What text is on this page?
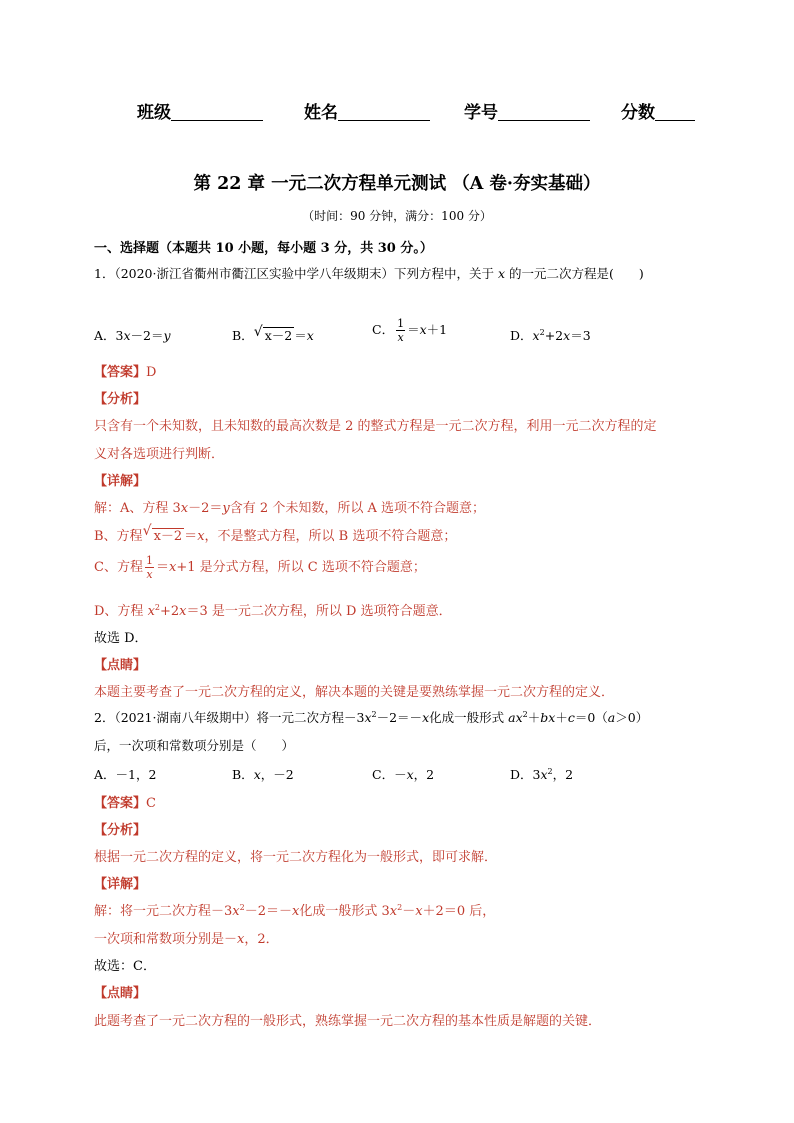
班级	姓名	学号	分数
第 22 章 一元二次方程单元测试 （A 卷·夯实基础）
（时间：90 分钟，满分：100 分）
一、选择题（本题共 10 小题，每小题 3 分，共 30 分。）
1．（2020·浙江省衢州市衢江区实验中学八年级期末）下列方程中，关于 x 的一元二次方程是(　　)
A．3x－2＝y	B． √ x－2 ＝x	C． $\frac{1}{x} =x+1$	D．$x^2+2x=3$
【答案】D
【分析】
只含有一个未知数，且未知数的最高次数是 2 的整式方程是一元二次方程，利用一元二次方程的定
义对各选项进行判断．
【详解】
解：A、方程 3x－2＝y含有 2 个未知数，所以 A 选项不符合题意；
B、方程 √ x－2 ＝x，不是整式方程，所以 B 选项不符合题意；
C、方程 $\frac{1}{x} =x+1$ 是分式方程，所以 C 选项不符合题意；
D、方程 $x^2+2x=3$ 是一元二次方程，所以 D 选项符合题意．
故选 D．
【点睛】
本题主要考查了一元二次方程的定义，解决本题的关键是要熟练掌握一元二次方程的定义．
2．（2021·湖南八年级期中）将一元二次方程$-3x^2-2=-x$化成一般形式 $ax^2+bx+c=0(a>0)$
后，一次项和常数项分别是（　　）
A．－1，2	B．x，－2	C．－x，2	D．$3x^2$，2
【答案】C
【分析】
根据一元二次方程的定义，将一元二次方程化为一般形式，即可求解．
【详解】
解：将一元二次方程$-3x^2-2=-x$化成一般形式 $3x^2-x+2=0$ 后，
一次项和常数项分别是－x，2．
故选：C．
【点睛】
此题考查了一元二次方程的一般形式，熟练掌握一元二次方程的基本性质是解题的关键．
